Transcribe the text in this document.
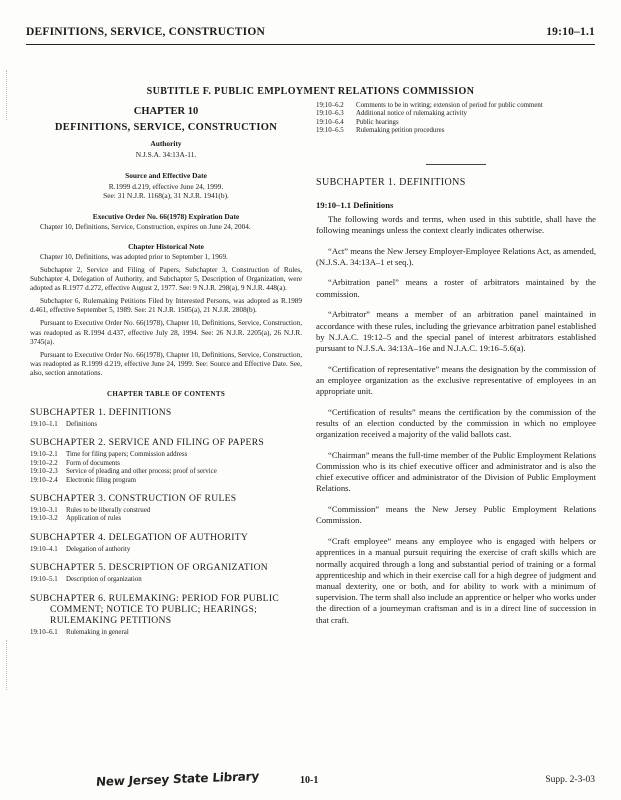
DEFINITIONS, SERVICE, CONSTRUCTION	19:10–1.1
SUBTITLE F. PUBLIC EMPLOYMENT RELATIONS COMMISSION
CHAPTER 10
DEFINITIONS, SERVICE, CONSTRUCTION
Authority
N.J.S.A. 34:13A-11.
Source and Effective Date
R.1999 d.219, effective June 24, 1999.
See: 31 N.J.R. 1168(a), 31 N.J.R. 1941(b).
Executive Order No. 66(1978) Expiration Date

Chapter 10, Definitions, Service, Construction, expires on June 24, 2004.

Chapter Historical Note

Chapter 10, Definitions, was adopted prior to September 1, 1969.

Subchapter 2, Service and Filing of Papers, Subchapter 3, Construction of Rules, Subchapter 4, Delegation of Authority, and Subchapter 5, Description of Organization, were adopted as R.1977 d.272, effective August 2, 1977. See: 9 N.J.R. 298(a), 9 N.J.R. 448(a).

Subchapter 6, Rulemaking Petitions Filed by Interested Persons, was adopted as R.1989 d.461, effective September 5, 1989. See: 21 N.J.R. 1505(a), 21 N.J.R. 2808(b).

Pursuant to Executive Order No. 66(1978), Chapter 10, Definitions, Service, Construction, was readopted as R.1994 d.437, effective July 28, 1994. See: 26 N.J.R. 2205(a), 26 N.J.R. 3745(a).

Pursuant to Executive Order No. 66(1978), Chapter 10, Definitions, Service, Construction, was readopted as R.1999 d.219, effective June 24, 1999. See: Source and Effective Date. See, also, section annotations.

CHAPTER TABLE OF CONTENTS
SUBCHAPTER 1. DEFINITIONS
19:10–1.1	Definitions
SUBCHAPTER 2. SERVICE AND FILING OF PAPERS
19:10–2.1	Time for filing papers; Commission address
19:10–2.2	Form of documents
19:10–2.3	Service of pleading and other process; proof of service
19:10–2.4	Electronic filing program
SUBCHAPTER 3. CONSTRUCTION OF RULES
19:10–3.1	Rules to be liberally construed
19:10–3.2	Application of rules
SUBCHAPTER 4. DELEGATION OF AUTHORITY
19:10–4.1	Delegation of authority
SUBCHAPTER 5. DESCRIPTION OF ORGANIZATION
19:10–5.1	Description of organization
SUBCHAPTER 6. RULEMAKING: PERIOD FOR PUBLIC COMMENT; NOTICE TO PUBLIC; HEARINGS; RULEMAKING PETITIONS
19:10–6.1	Rulemaking in general
19:10–6.2	Comments to be in writing; extension of period for public comment
19:10–6.3	Additional notice of rulemaking activity
19:10–6.4	Public hearings
19:10–6.5	Rulemaking petition procedures
SUBCHAPTER 1. DEFINITIONS
19:10–1.1 Definitions

The following words and terms, when used in this subtitle, shall have the following meanings unless the context clearly indicates otherwise.

“Act” means the New Jersey Employer-Employee Relations Act, as amended, (N.J.S.A. 34:13A–1 et seq.).

“Arbitration panel” means a roster of arbitrators maintained by the commission.

“Arbitrator” means a member of an arbitration panel maintained in accordance with these rules, including the grievance arbitration panel established by N.J.A.C. 19:12–5 and the special panel of interest arbitrators established pursuant to N.J.S.A. 34:13A–16e and N.J.A.C. 19:16–5.6(a).

“Certification of representative” means the designation by the commission of an employee organization as the exclusive representative of employees in an appropriate unit.

“Certification of results” means the certification by the commission of the results of an election conducted by the commission in which no employee organization received a majority of the valid ballots cast.

“Chairman” means the full-time member of the Public Employment Relations Commission who is its chief executive officer and administrator and is also the chief executive officer and administrator of the Division of Public Employment Relations.

“Commission” means the New Jersey Public Employment Relations Commission.

“Craft employee” means any employee who is engaged with helpers or apprentices in a manual pursuit requiring the exercise of craft skills which are normally acquired through a long and substantial period of training or a formal apprenticeship and which in their exercise call for a high degree of judgment and manual dexterity, one or both, and for ability to work with a minimum of supervision. The term shall also include an apprentice or helper who works under the direction of a journeyman craftsman and is in a direct line of succession in that craft.

New Jersey State Library	10-1	Supp. 2-3-03
